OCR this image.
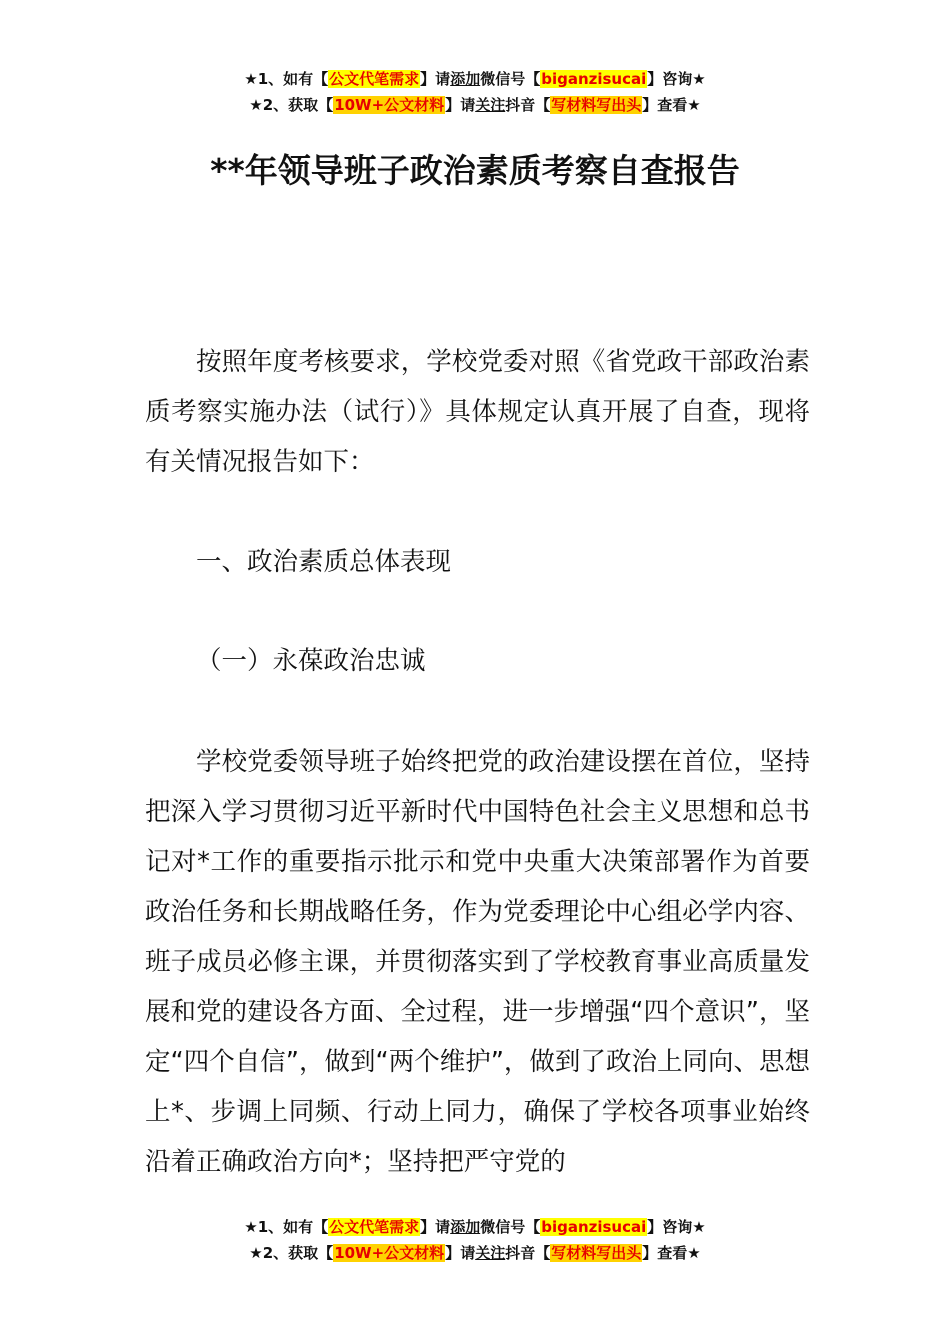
★1、如有【公文代笔需求】请添加微信号【biganzisucai】咨询★
★2、获取【10W+公文材料】请关注抖音【写材料写出头】查看★
**年领导班子政治素质考察自查报告

按照年度考核要求，学校党委对照《省党政干部政治素质考察实施办法（试行）》具体规定认真开展了自查，现将有关情况报告如下：

一、政治素质总体表现

（一）永葆政治忠诚

学校党委领导班子始终把党的政治建设摆在首位，坚持把深入学习贯彻习近平新时代中国特色社会主义思想和总书记对*工作的重要指示批示和党中央重大决策部署作为首要政治任务和长期战略任务，作为党委理论中心组必学内容、班子成员必修主课，并贯彻落实到了学校教育事业高质量发展和党的建设各方面、全过程，进一步增强“四个意识”，坚定“四个自信”，做到“两个维护”，做到了政治上同向、思想上*、步调上同频、行动上同力，确保了学校各项事业始终沿着正确政治方向*；坚持把严守党的

★1、如有【公文代笔需求】请添加微信号【biganzisucai】咨询★
★2、获取【10W+公文材料】请关注抖音【写材料写出头】查看★
